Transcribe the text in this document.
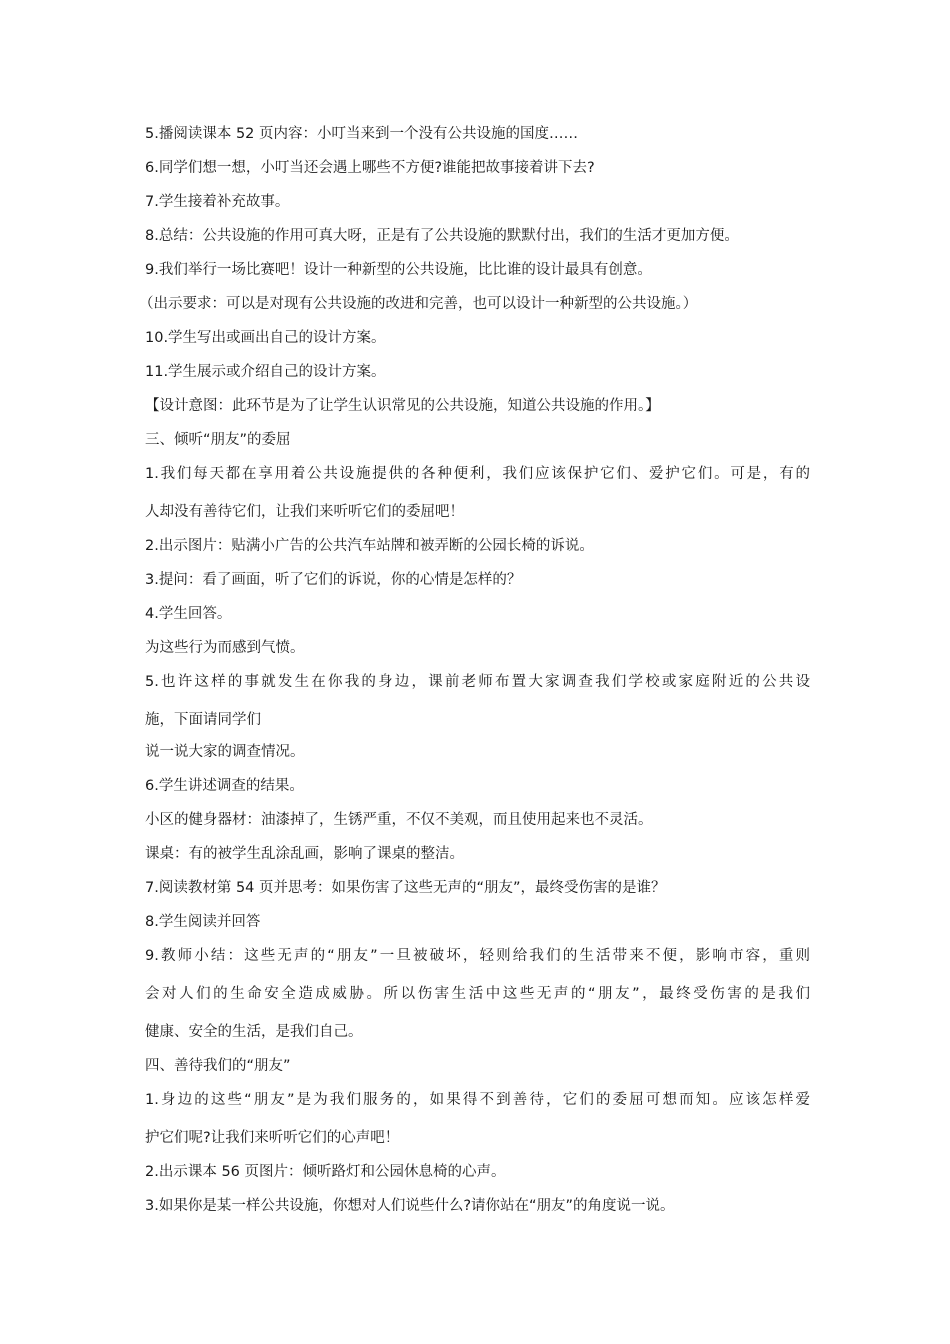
5.播阅读课本 52 页内容：小叮当来到一个没有公共设施的国度……
6.同学们想一想，小叮当还会遇上哪些不方便?谁能把故事接着讲下去?
7.学生接着补充故事。
8.总结：公共设施的作用可真大呀，正是有了公共设施的默默付出，我们的生活才更加方便。
9.我们举行一场比赛吧！设计一种新型的公共设施，比比谁的设计最具有创意。
（出示要求：可以是对现有公共设施的改进和完善，也可以设计一种新型的公共设施。）
10.学生写出或画出自己的设计方案。
11.学生展示或介绍自己的设计方案。
【设计意图：此环节是为了让学生认识常见的公共设施，知道公共设施的作用。】
三、倾听“朋友”的委屈
1.我们每天都在享用着公共设施提供的各种便利，我们应该保护它们、爱护它们。可是，有的
人却没有善待它们，让我们来听听它们的委屈吧！
2.出示图片：贴满小广告的公共汽车站牌和被弄断的公园长椅的诉说。
3.提问：看了画面，听了它们的诉说，你的心情是怎样的？
4.学生回答。
为这些行为而感到气愤。
5.也许这样的事就发生在你我的身边，课前老师布置大家调查我们学校或家庭附近的公共设
施，下面请同学们
说一说大家的调查情况。
6.学生讲述调查的结果。
小区的健身器材：油漆掉了，生锈严重，不仅不美观，而且使用起来也不灵活。
课桌：有的被学生乱涂乱画，影响了课桌的整洁。
7.阅读教材第 54 页并思考：如果伤害了这些无声的“朋友”，最终受伤害的是谁？
8.学生阅读并回答
9.教师小结：这些无声的“朋友”一旦被破坏，轻则给我们的生活带来不便，影响市容，重则
会对人们的生命安全造成威胁。所以伤害生活中这些无声的“朋友”，最终受伤害的是我们
健康、安全的生活，是我们自己。
四、善待我们的“朋友”
1.身边的这些“朋友”是为我们服务的，如果得不到善待，它们的委屈可想而知。应该怎样爱
护它们呢?让我们来听听它们的心声吧！
2.出示课本 56 页图片：倾听路灯和公园休息椅的心声。
3.如果你是某一样公共设施，你想对人们说些什么?请你站在“朋友”的角度说一说。
